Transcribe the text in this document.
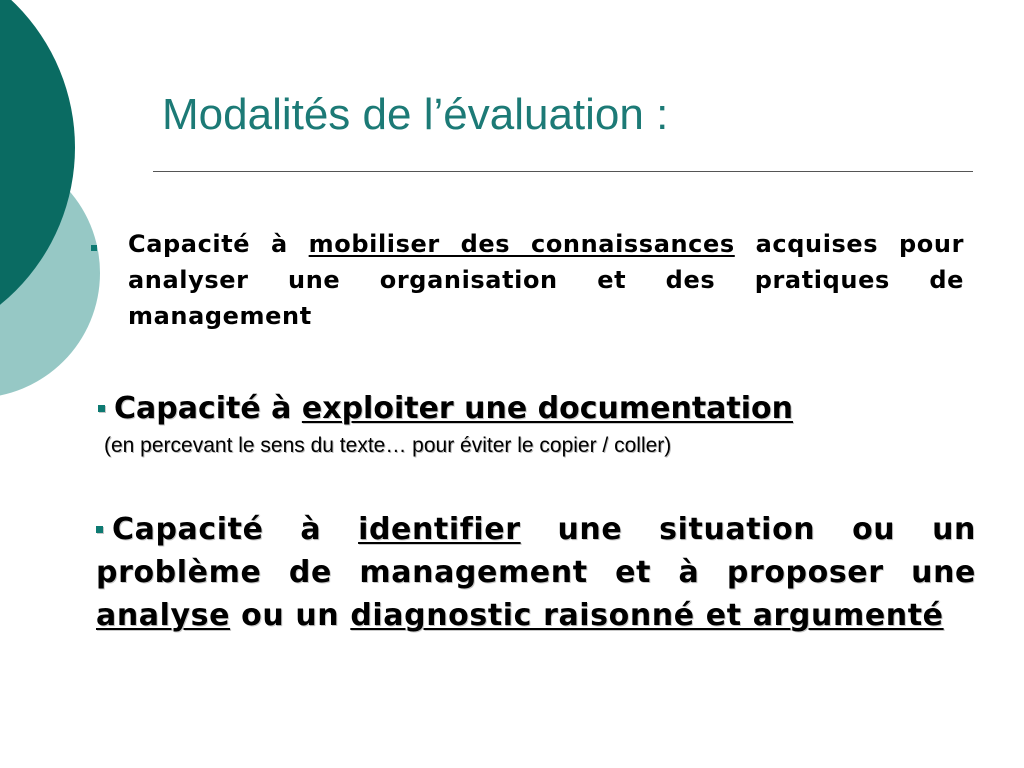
Modalités de l’évaluation :

Capacité à mobiliser des connaissances acquises pour analyser une organisation et des pratiques de management

Capacité à exploiter une documentation

(en percevant le sens du texte… pour éviter le copier / coller)

Capacité à identifier une situation ou un problème de management et à proposer une analyse ou un diagnostic raisonné et argumenté
